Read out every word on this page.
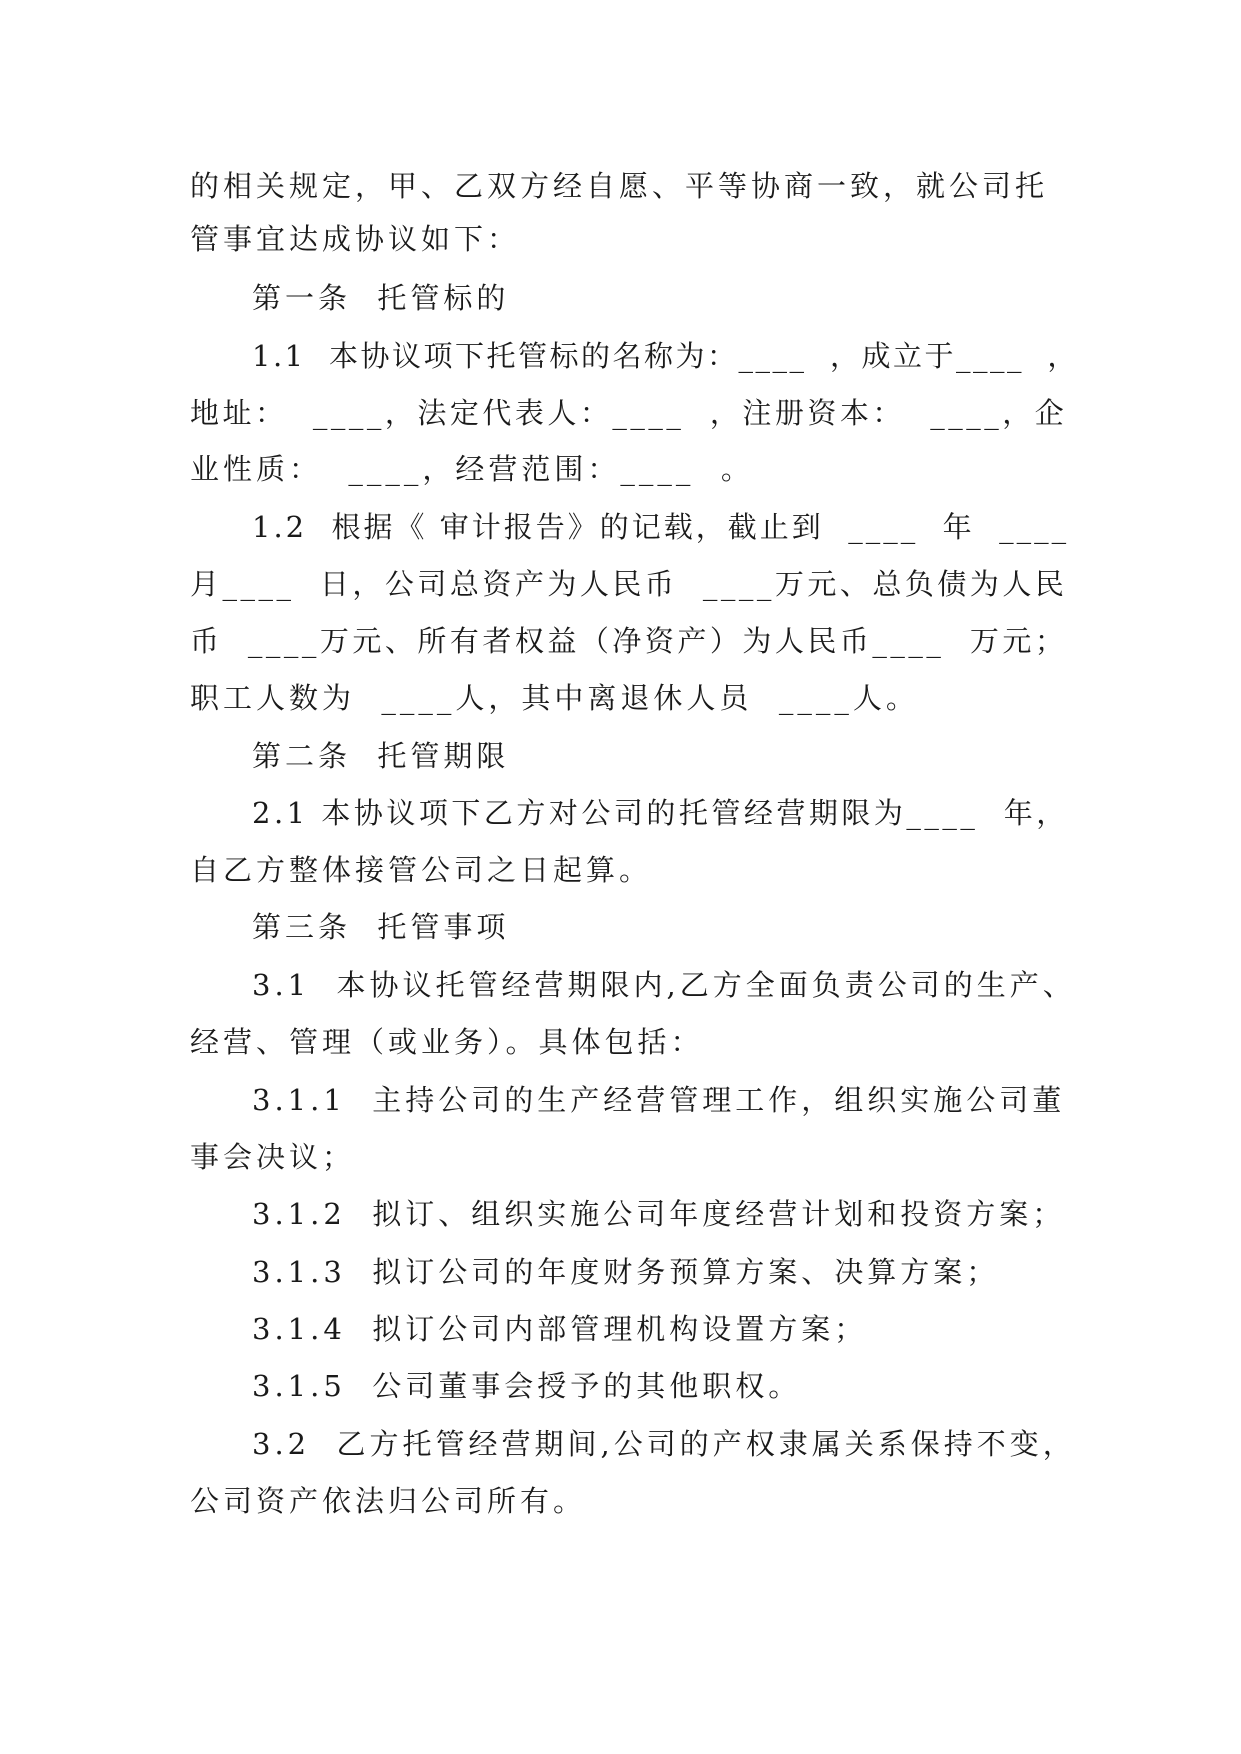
的相关规定，甲、乙双方经自愿、平等协商一致，就公司托
管事宜达成协议如下：
第一条  托管标的
1.1  本协议项下托管标的名称为：____  ，成立于____  ，
地址：  ____，法定代表人：____  ，注册资本：  ____，企
业性质：  ____，经营范围：____  。
1.2  根据《 审计报告》的记载，截止到  ____  年  ____
月____  日，公司总资产为人民币  ____万元、总负债为人民
币  ____万元、所有者权益（净资产）为人民币____  万元；
职工人数为  ____人，其中离退休人员  ____人。
第二条  托管期限
2.1 本协议项下乙方对公司的托管经营期限为____  年，
自乙方整体接管公司之日起算。
第三条  托管事项
3.1  本协议托管经营期限内,乙方全面负责公司的生产、
经营、管理（或业务）。具体包括：
3.1.1  主持公司的生产经营管理工作，组织实施公司董
事会决议；
3.1.2  拟订、组织实施公司年度经营计划和投资方案；
3.1.3  拟订公司的年度财务预算方案、决算方案；
3.1.4  拟订公司内部管理机构设置方案；
3.1.5  公司董事会授予的其他职权。
3.2  乙方托管经营期间,公司的产权隶属关系保持不变，
公司资产依法归公司所有。
